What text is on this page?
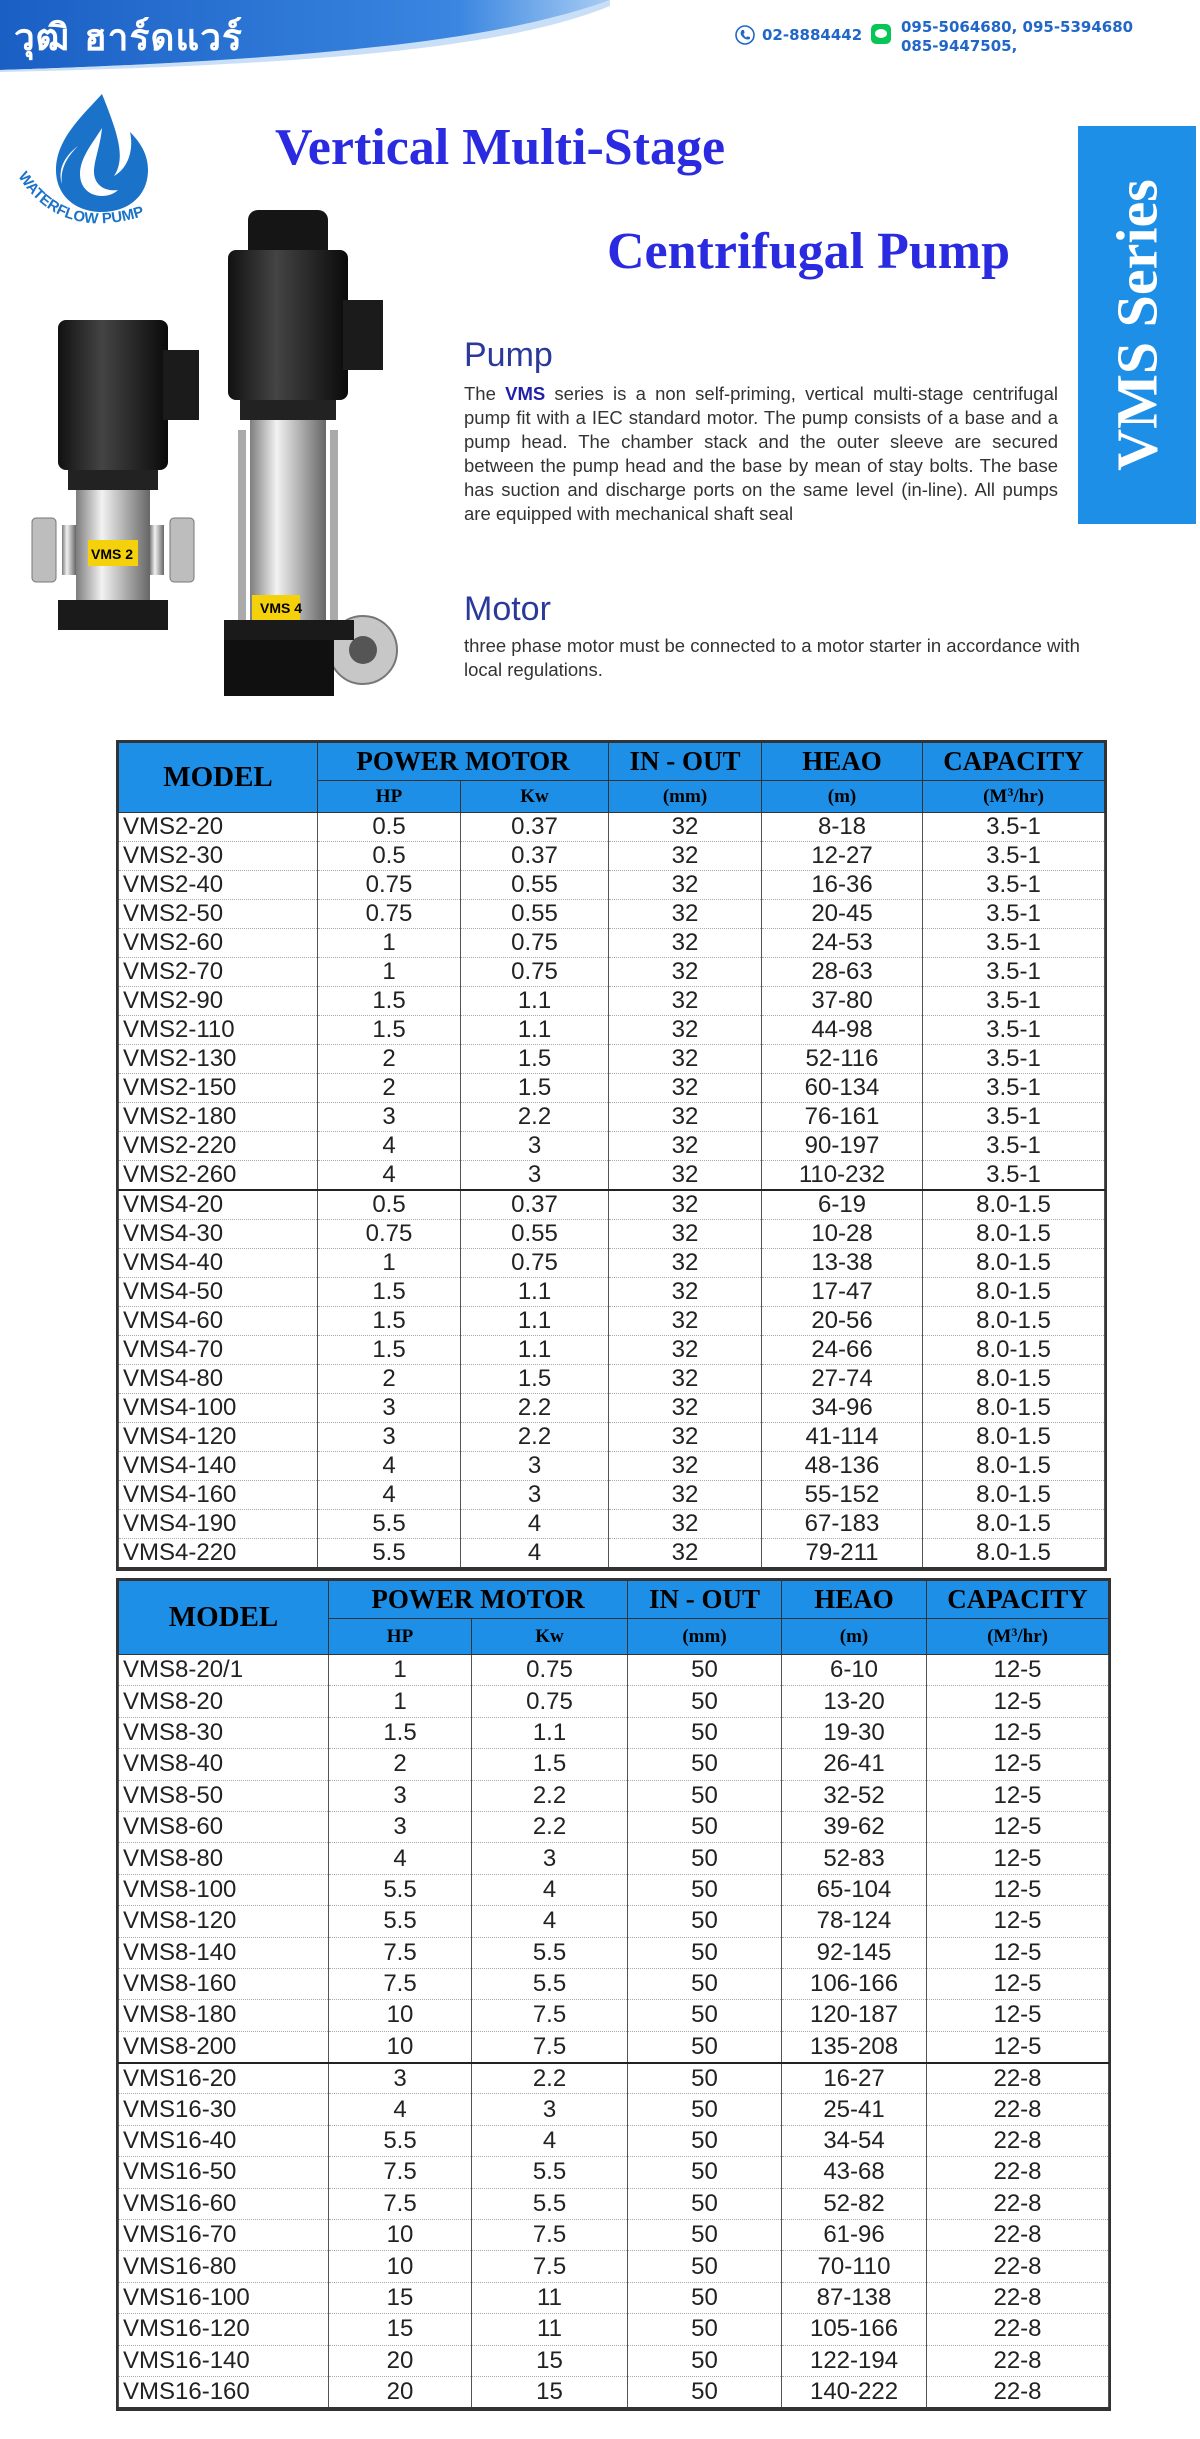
วุฒิ ฮาร์ดแวร์	02-8884442	095-5064680, 095-5394680
085-9447505,
WATERFLOW PUMP
Vertical Multi-Stage
Centrifugal Pump VMS Series
VMS 2
VMS 4
Pump
The VMS series is a non self-priming, vertical multi-stage centrifugal pump fit with a IEC standard motor. The pump consists of a base and a pump head. The chamber stack and the outer sleeve are secured between the pump head and the base by mean of stay bolts. The base has suction and discharge ports on the same level (in-line). All pumps are equipped with mechanical shaft seal
Motor
three phase motor must be connected to a motor starter in accordance with local regulations.
MODEL	POWER MOTOR		IN - OUT	HEAO	CAPACITY
	HP	Kw	(mm)	(m)	$(M^3/hr)$
VMS2-20	0.5	0.37	32	8-18	3.5-1
VMS2-30	0.5	0.37	32	12-27	3.5-1
VMS2-40	0.75	0.55	32	16-36	3.5-1
VMS2-50	0.75	0.55	32	20-45	3.5-1
VMS2-60	1	0.75	32	24-53	3.5-1
VMS2-70	1	0.75	32	28-63	3.5-1
VMS2-90	1.5	1.1	32	37-80	3.5-1
VMS2-110	1.5	1.1	32	44-98	3.5-1
VMS2-130	2	1.5	32	52-116	3.5-1
VMS2-150	2	1.5	32	60-134	3.5-1
VMS2-180	3	2.2	32	76-161	3.5-1
VMS2-220	4	3	32	90-197	3.5-1
VMS2-260	4	3	32	110-232	3.5-1
VMS4-20	0.5	0.37	32	6-19	8.0-1.5
VMS4-30	0.75	0.55	32	10-28	8.0-1.5
VMS4-40	1	0.75	32	13-38	8.0-1.5
VMS4-50	1.5	1.1	32	17-47	8.0-1.5
VMS4-60	1.5	1.1	32	20-56	8.0-1.5
VMS4-70	1.5	1.1	32	24-66	8.0-1.5
VMS4-80	2	1.5	32	27-74	8.0-1.5
VMS4-100	3	2.2	32	34-96	8.0-1.5
VMS4-120	3	2.2	32	41-114	8.0-1.5
VMS4-140	4	3	32	48-136	8.0-1.5
VMS4-160	4	3	32	55-152	8.0-1.5
VMS4-190	5.5	4	32	67-183	8.0-1.5
VMS4-220	5.5	4	32	79-211	8.0-1.5
MODEL	POWER MOTOR		IN - OUT	HEAO	CAPACITY
	HP	Kw	(mm)	(m)	$(M^3/hr)$
VMS8-20/1	1	0.75	50	6-10	12-5
VMS8-20	1	0.75	50	13-20	12-5
VMS8-30	1.5	1.1	50	19-30	12-5
VMS8-40	2	1.5	50	26-41	12-5
VMS8-50	3	2.2	50	32-52	12-5
VMS8-60	3	2.2	50	39-62	12-5
VMS8-80	4	3	50	52-83	12-5
VMS8-100	5.5	4	50	65-104	12-5
VMS8-120	5.5	4	50	78-124	12-5
VMS8-140	7.5	5.5	50	92-145	12-5
VMS8-160	7.5	5.5	50	106-166	12-5
VMS8-180	10	7.5	50	120-187	12-5
VMS8-200	10	7.5	50	135-208	12-5
VMS16-20	3	2.2	50	16-27	22-8
VMS16-30	4	3	50	25-41	22-8
VMS16-40	5.5	4	50	34-54	22-8
VMS16-50	7.5	5.5	50	43-68	22-8
VMS16-60	7.5	5.5	50	52-82	22-8
VMS16-70	10	7.5	50	61-96	22-8
VMS16-80	10	7.5	50	70-110	22-8
VMS16-100	15	11	50	87-138	22-8
VMS16-120	15	11	50	105-166	22-8
VMS16-140	20	15	50	122-194	22-8
VMS16-160	20	15	50	140-222	22-8
